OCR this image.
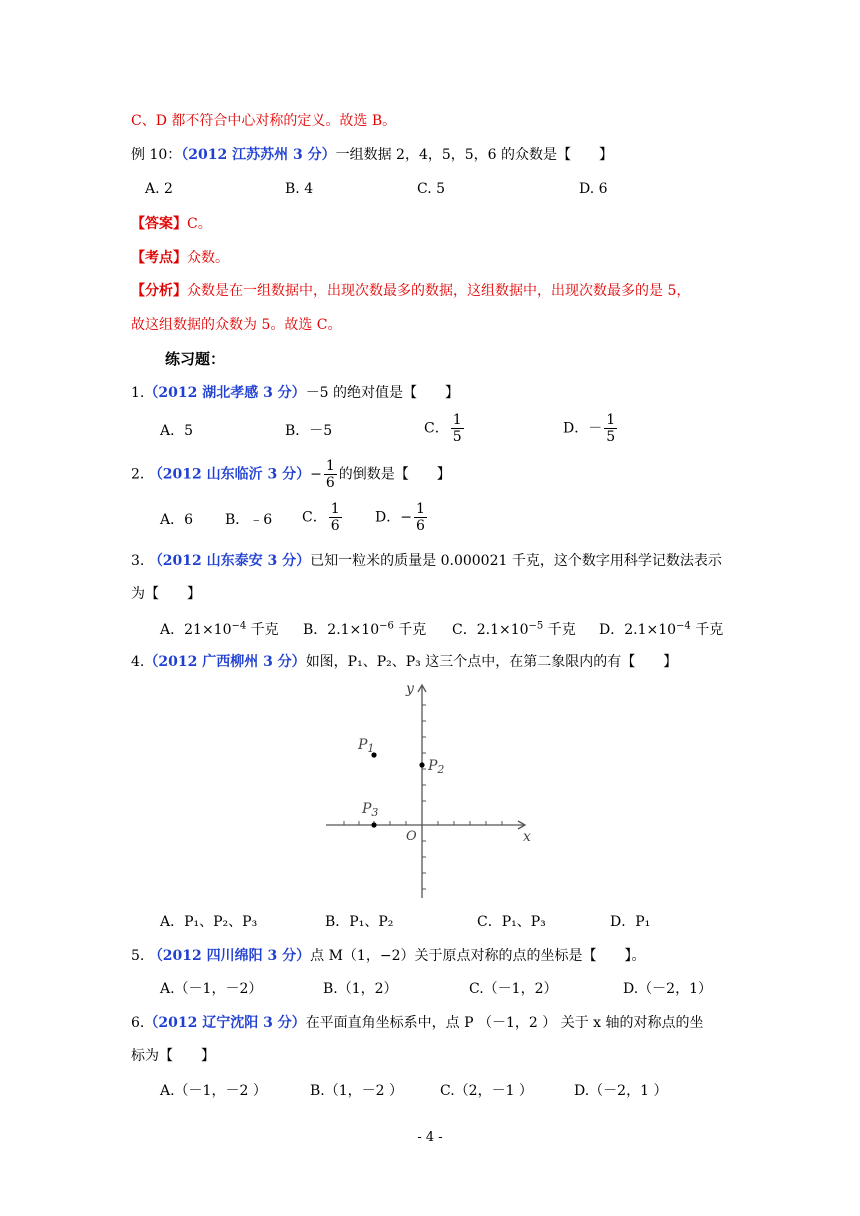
C、D 都不符合中心对称的定义。故选 B。
例 10：（2012 江苏苏州 3 分）一组数据 2，4，5，5，6 的众数是【　　】
A. 2	B. 4	C. 5	D. 6
【答案】C。
【考点】众数。
【分析】众数是在一组数据中，出现次数最多的数据，这组数据中，出现次数最多的是 5，
故这组数据的众数为 5。故选 C。
练习题：
1.（2012 湖北孝感 3 分）－5 的绝对值是【　　】
A．5	B．－5	C． $\frac{1}{5}$	D．－ $\frac{1}{5}$
2. （2012 山东临沂 3 分）− $\frac{1}{6}$ 的倒数是【　　】
A．6 B．﹣6 C． $\frac{1}{6}$ D．− $\frac{1}{6}$
3. （2012 山东泰安 3 分）已知一粒米的质量是 0.000021 千克，这个数字用科学记数法表示
为【　　】
A．$21\times 10^{-4}$ 千克 B．$2.1\times 10^{-6}$ 千克 C．$2.1\times 10^{-5}$ 千克 D．$2.1\times 10^{-4}$ 千克
4.（2012 广西柳州 3 分）如图，P₁、P₂、P₃ 这三个点中，在第二象限内的有【　　】
y
x
O
$P_1$
$P_2$
$P_3$
A．P₁、P₂、P₃	B．P₁、P₂	C．P₁、P₃	D．P₁
5. （2012 四川绵阳 3 分）点 M（1，−2）关于原点对称的点的坐标是【　　】。
A.（－1，－2）	B.（1，2）	C.（－1，2）	D.（－2，1）
6.（2012 辽宁沈阳 3 分）在平面直角坐标系中，点 P （－1，2 ） 关于 x 轴的对称点的坐
标为【　　】
A.（－1，－2 ）	B.（1，－2 ）	C.（2，－1 ）	D.（－2，1 ）
- 4 -
